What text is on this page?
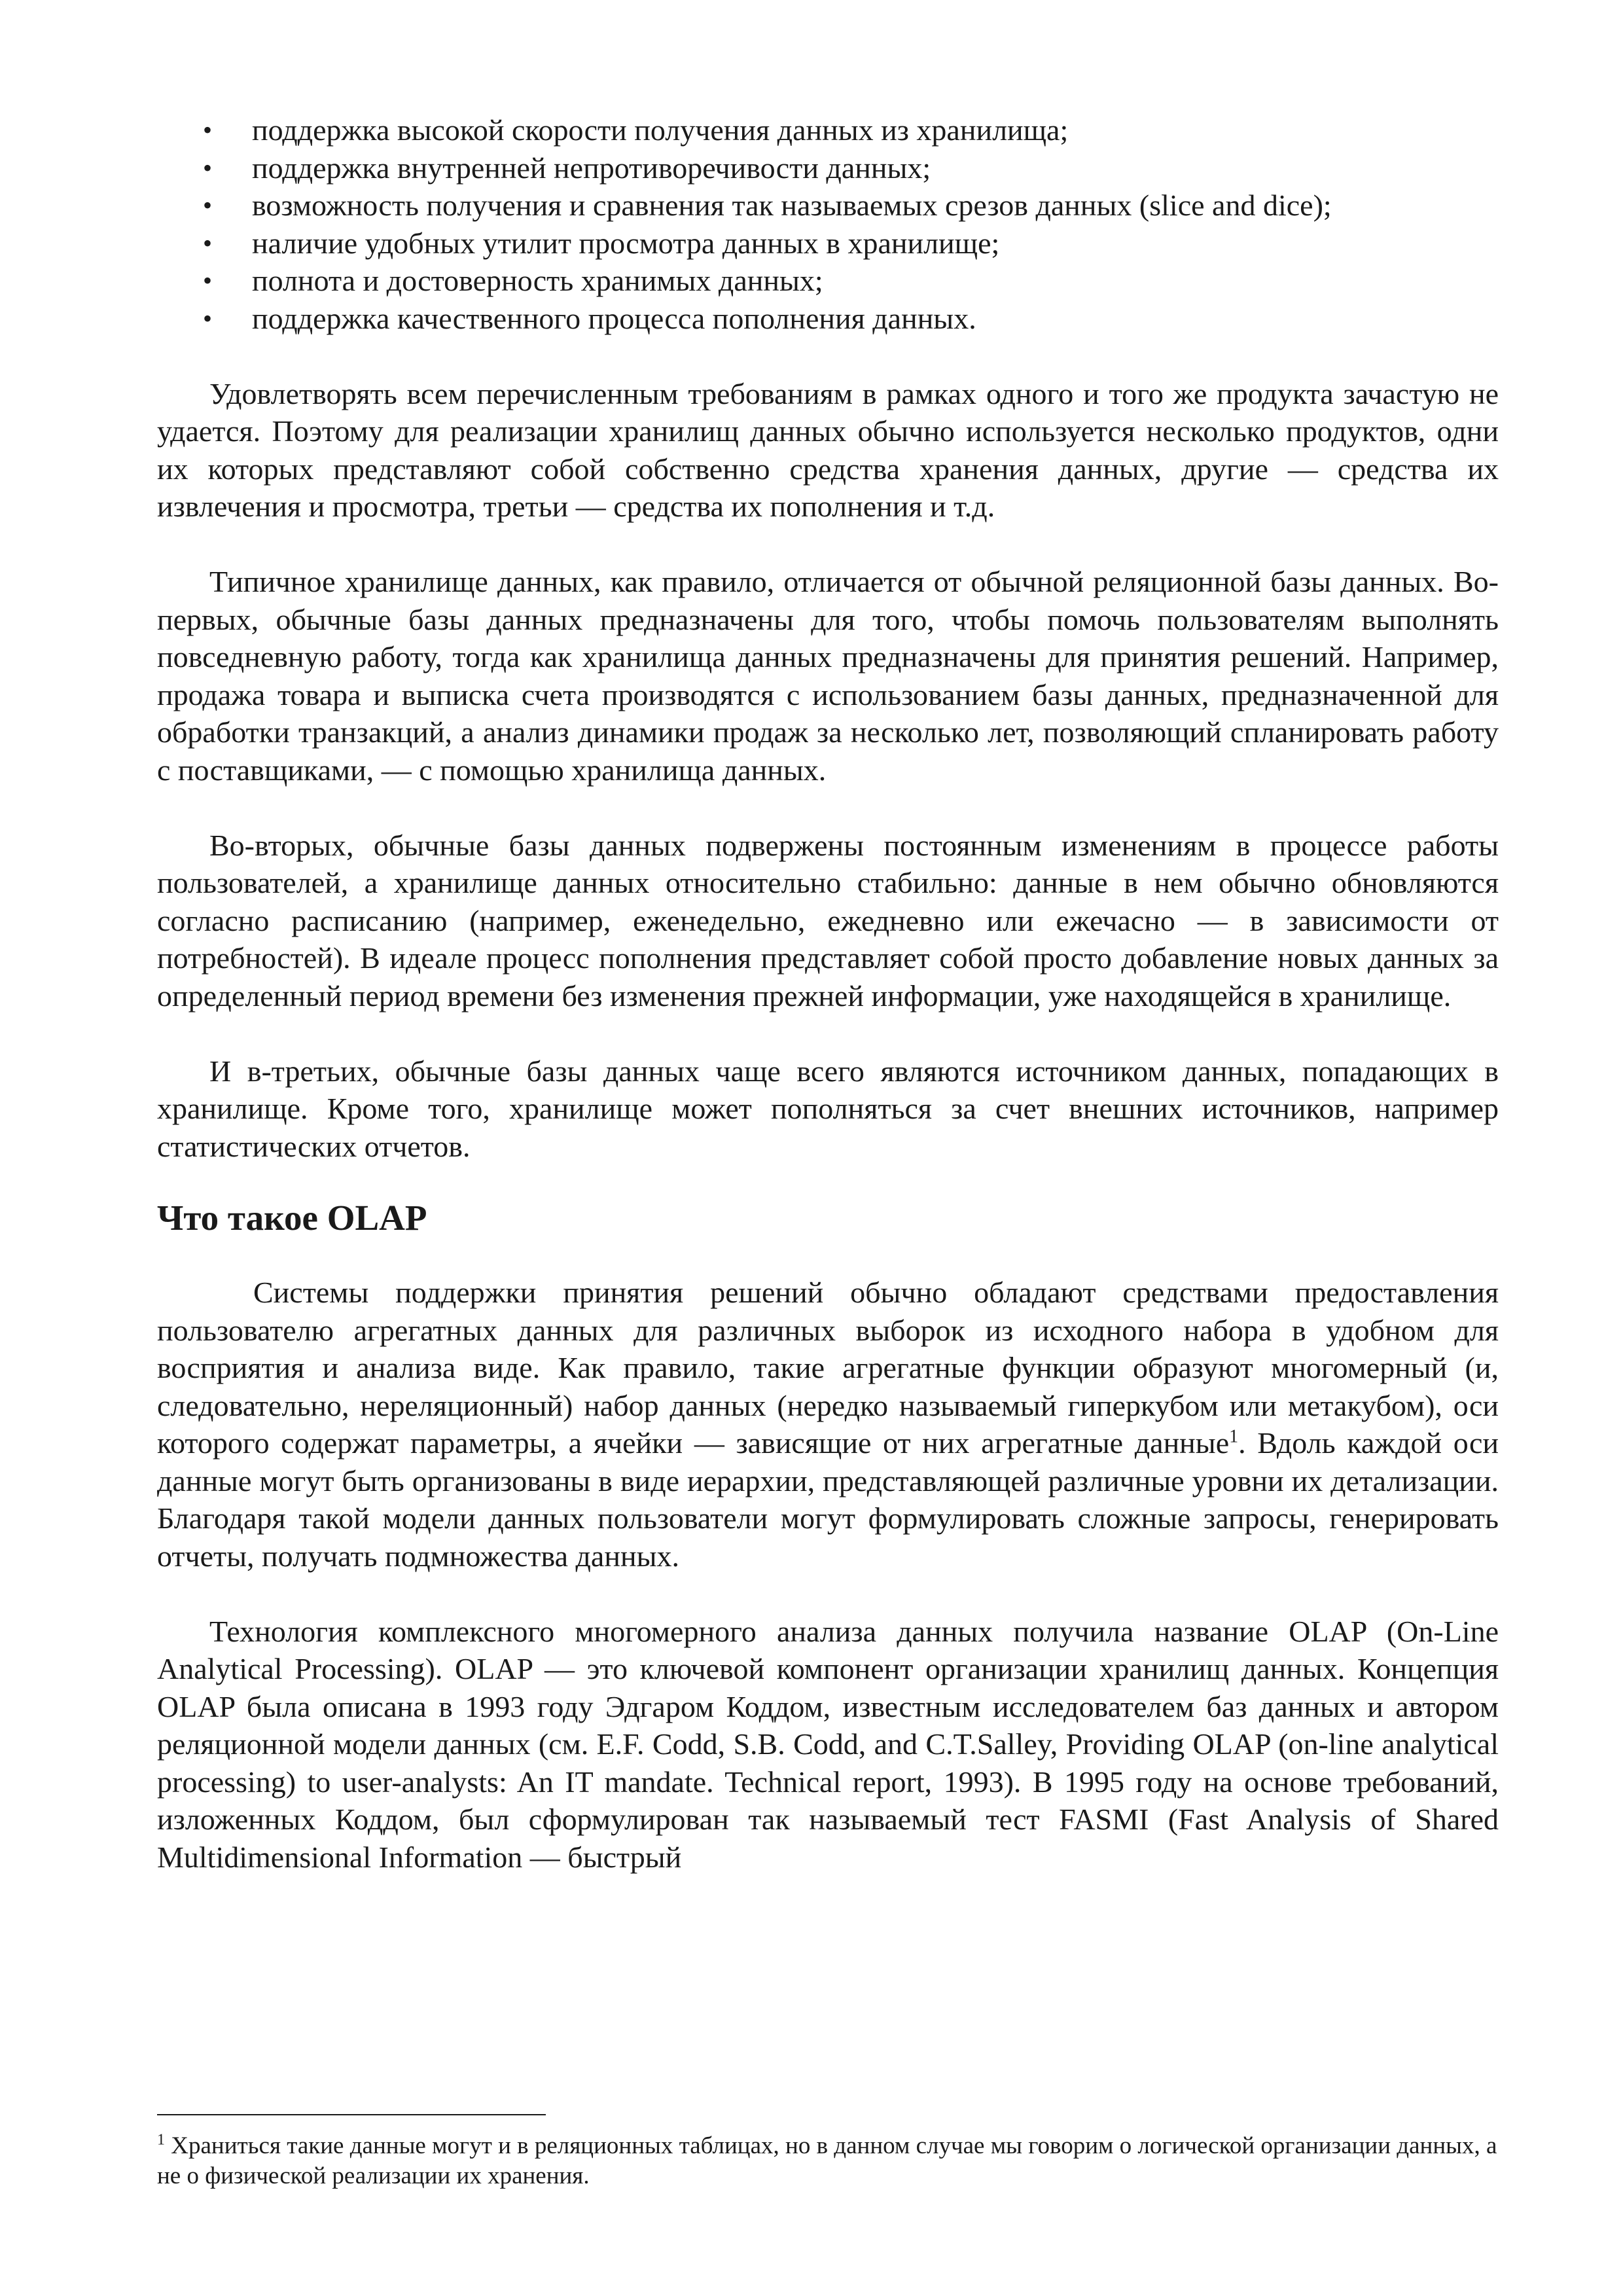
• поддержка высокой скорости получения данных из хранилища;
• поддержка внутренней непротиворечивости данных;
• возможность получения и сравнения так называемых срезов данных (slice and dice);
• наличие удобных утилит просмотра данных в хранилище;
• полнота и достоверность хранимых данных;
• поддержка качественного процесса пополнения данных.

Удовлетворять всем перечисленным требованиям в рамках одного и того же продукта зачастую не удается. Поэтому для реализации хранилищ данных обычно используется несколько продуктов, одни их которых представляют собой собственно средства хранения данных, другие — средства их извлечения и просмотра, третьи — средства их пополнения и т.д.

Типичное хранилище данных, как правило, отличается от обычной реляционной базы данных. Во-первых, обычные базы данных предназначены для того, чтобы помочь пользователям выполнять повседневную работу, тогда как хранилища данных предназначены для принятия решений. Например, продажа товара и выписка счета производятся с использованием базы данных, предназначенной для обработки транзакций, а анализ динамики продаж за несколько лет, позволяющий спланировать работу с поставщиками, — с помощью хранилища данных.

Во-вторых, обычные базы данных подвержены постоянным изменениям в процессе работы пользователей, а хранилище данных относительно стабильно: данные в нем обычно обновляются согласно расписанию (например, еженедельно, ежедневно или ежечасно — в зависимости от потребностей). В идеале процесс пополнения представляет собой просто добавление новых данных за определенный период времени без изменения прежней информации, уже находящейся в хранилище.

И в-третьих, обычные базы данных чаще всего являются источником данных, попадающих в хранилище. Кроме того, хранилище может пополняться за счет внешних источников, например статистических отчетов.

Что такое OLAP

Системы поддержки принятия решений обычно обладают средствами предоставления пользователю агрегатных данных для различных выборок из исходного набора в удобном для восприятия и анализа виде. Как правило, такие агрегатные функции образуют многомерный (и, следовательно, нереляционный) набор данных (нередко называемый гиперкубом или метакубом), оси которого содержат параметры, а ячейки — зависящие от них агрегатные данные$^1$. Вдоль каждой оси данные могут быть организованы в виде иерархии, представляющей различные уровни их детализации. Благодаря такой модели данных пользователи могут формулировать сложные запросы, генерировать отчеты, получать подмножества данных.

Технология комплексного многомерного анализа данных получила название OLAP (On-Line Analytical Processing). OLAP — это ключевой компонент организации хранилищ данных. Концепция OLAP была описана в 1993 году Эдгаром Коддом, известным исследователем баз данных и автором реляционной модели данных (см. E.F. Codd, S.B. Codd, and C.T.Salley, Providing OLAP (on-line analytical processing) to user-analysts: An IT mandate. Technical report, 1993). В 1995 году на основе требований, изложенных Коддом, был сформулирован так называемый тест FASMI (Fast Analysis of Shared Multidimensional Information — быстрый

$^1$ Храниться такие данные могут и в реляционных таблицах, но в данном случае мы говорим о логической организации данных, а не о физической реализации их хранения.
